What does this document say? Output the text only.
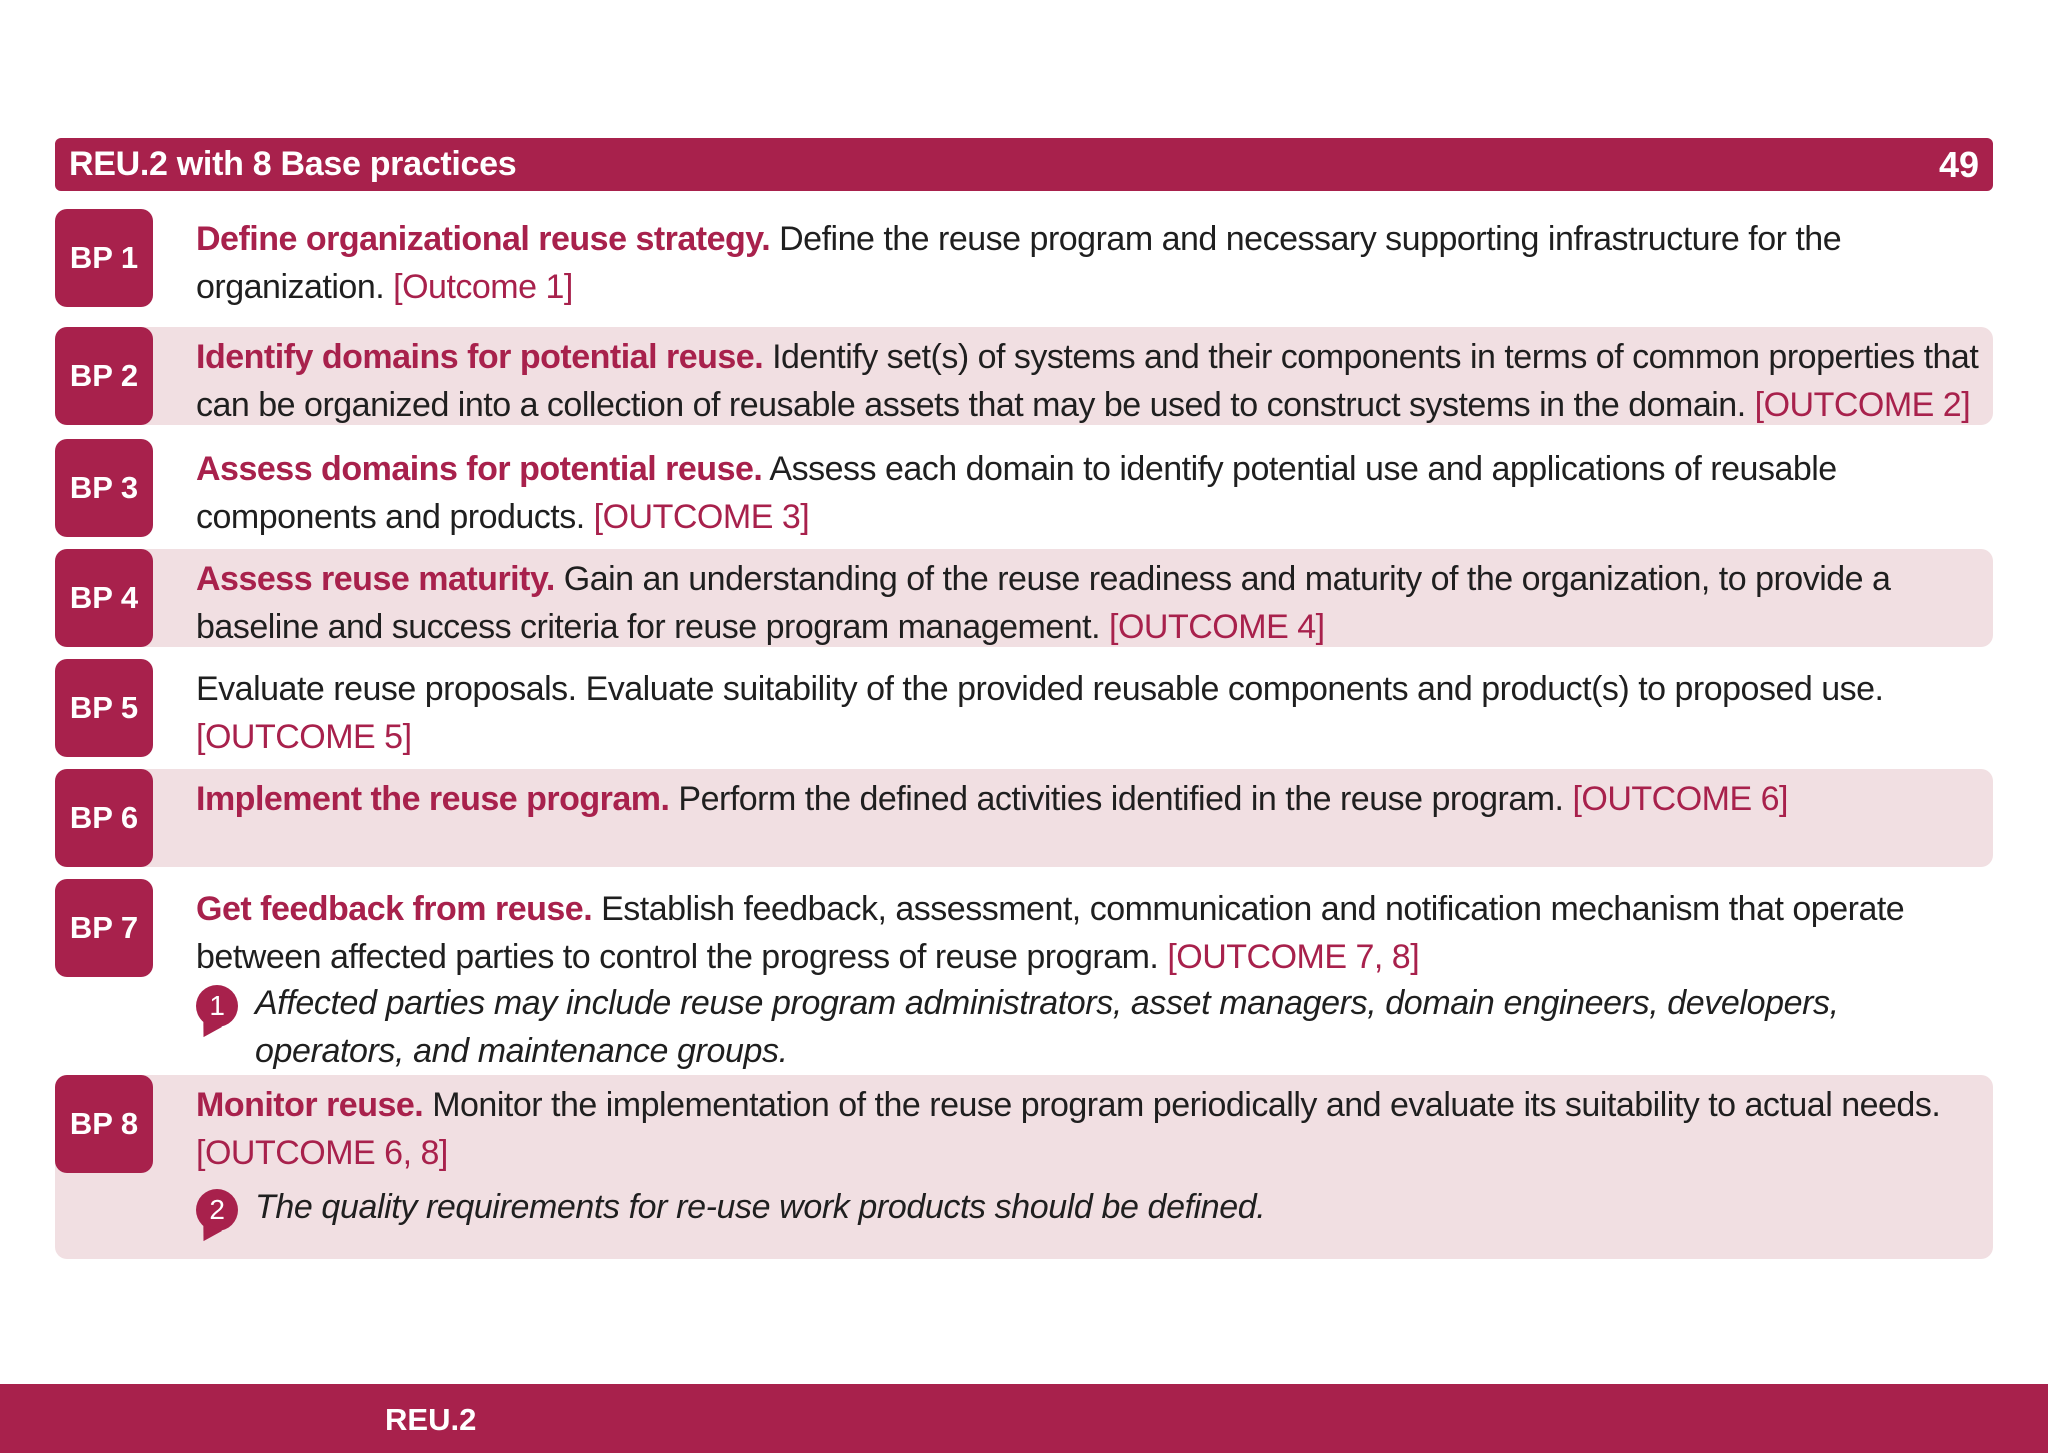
REU.2 with 8 Base practices	49
BP 1	Define organizational reuse strategy. Define the reuse program and necessary supporting infrastructure for the organization. [Outcome 1]

BP 2	Identify domains for potential reuse. Identify set(s) of systems and their components in terms of common properties that can be organized into a collection of reusable assets that may be used to construct systems in the domain. [OUTCOME 2]

BP 3	Assess domains for potential reuse. Assess each domain to identify potential use and applications of reusable components and products. [OUTCOME 3]

BP 4	Assess reuse maturity. Gain an understanding of the reuse readiness and maturity of the organization, to provide a baseline and success criteria for reuse program management. [OUTCOME 4]

BP 5	Evaluate reuse proposals. Evaluate suitability of the provided reusable components and product(s) to proposed use. [OUTCOME 5]

BP 6	Implement the reuse program. Perform the defined activities identified in the reuse program. [OUTCOME 6]

BP 7	Get feedback from reuse. Establish feedback, assessment, communication and notification mechanism that operate between affected parties to control the progress of reuse program. [OUTCOME 7, 8]

1 Affected parties may include reuse program administrators, asset managers, domain engineers, developers, operators, and maintenance groups.
BP 8	Monitor reuse. Monitor the implementation of the reuse program periodically and evaluate its suitability to actual needs. [OUTCOME 6, 8]

2 The quality requirements for re-use work products should be defined.
REU.2
